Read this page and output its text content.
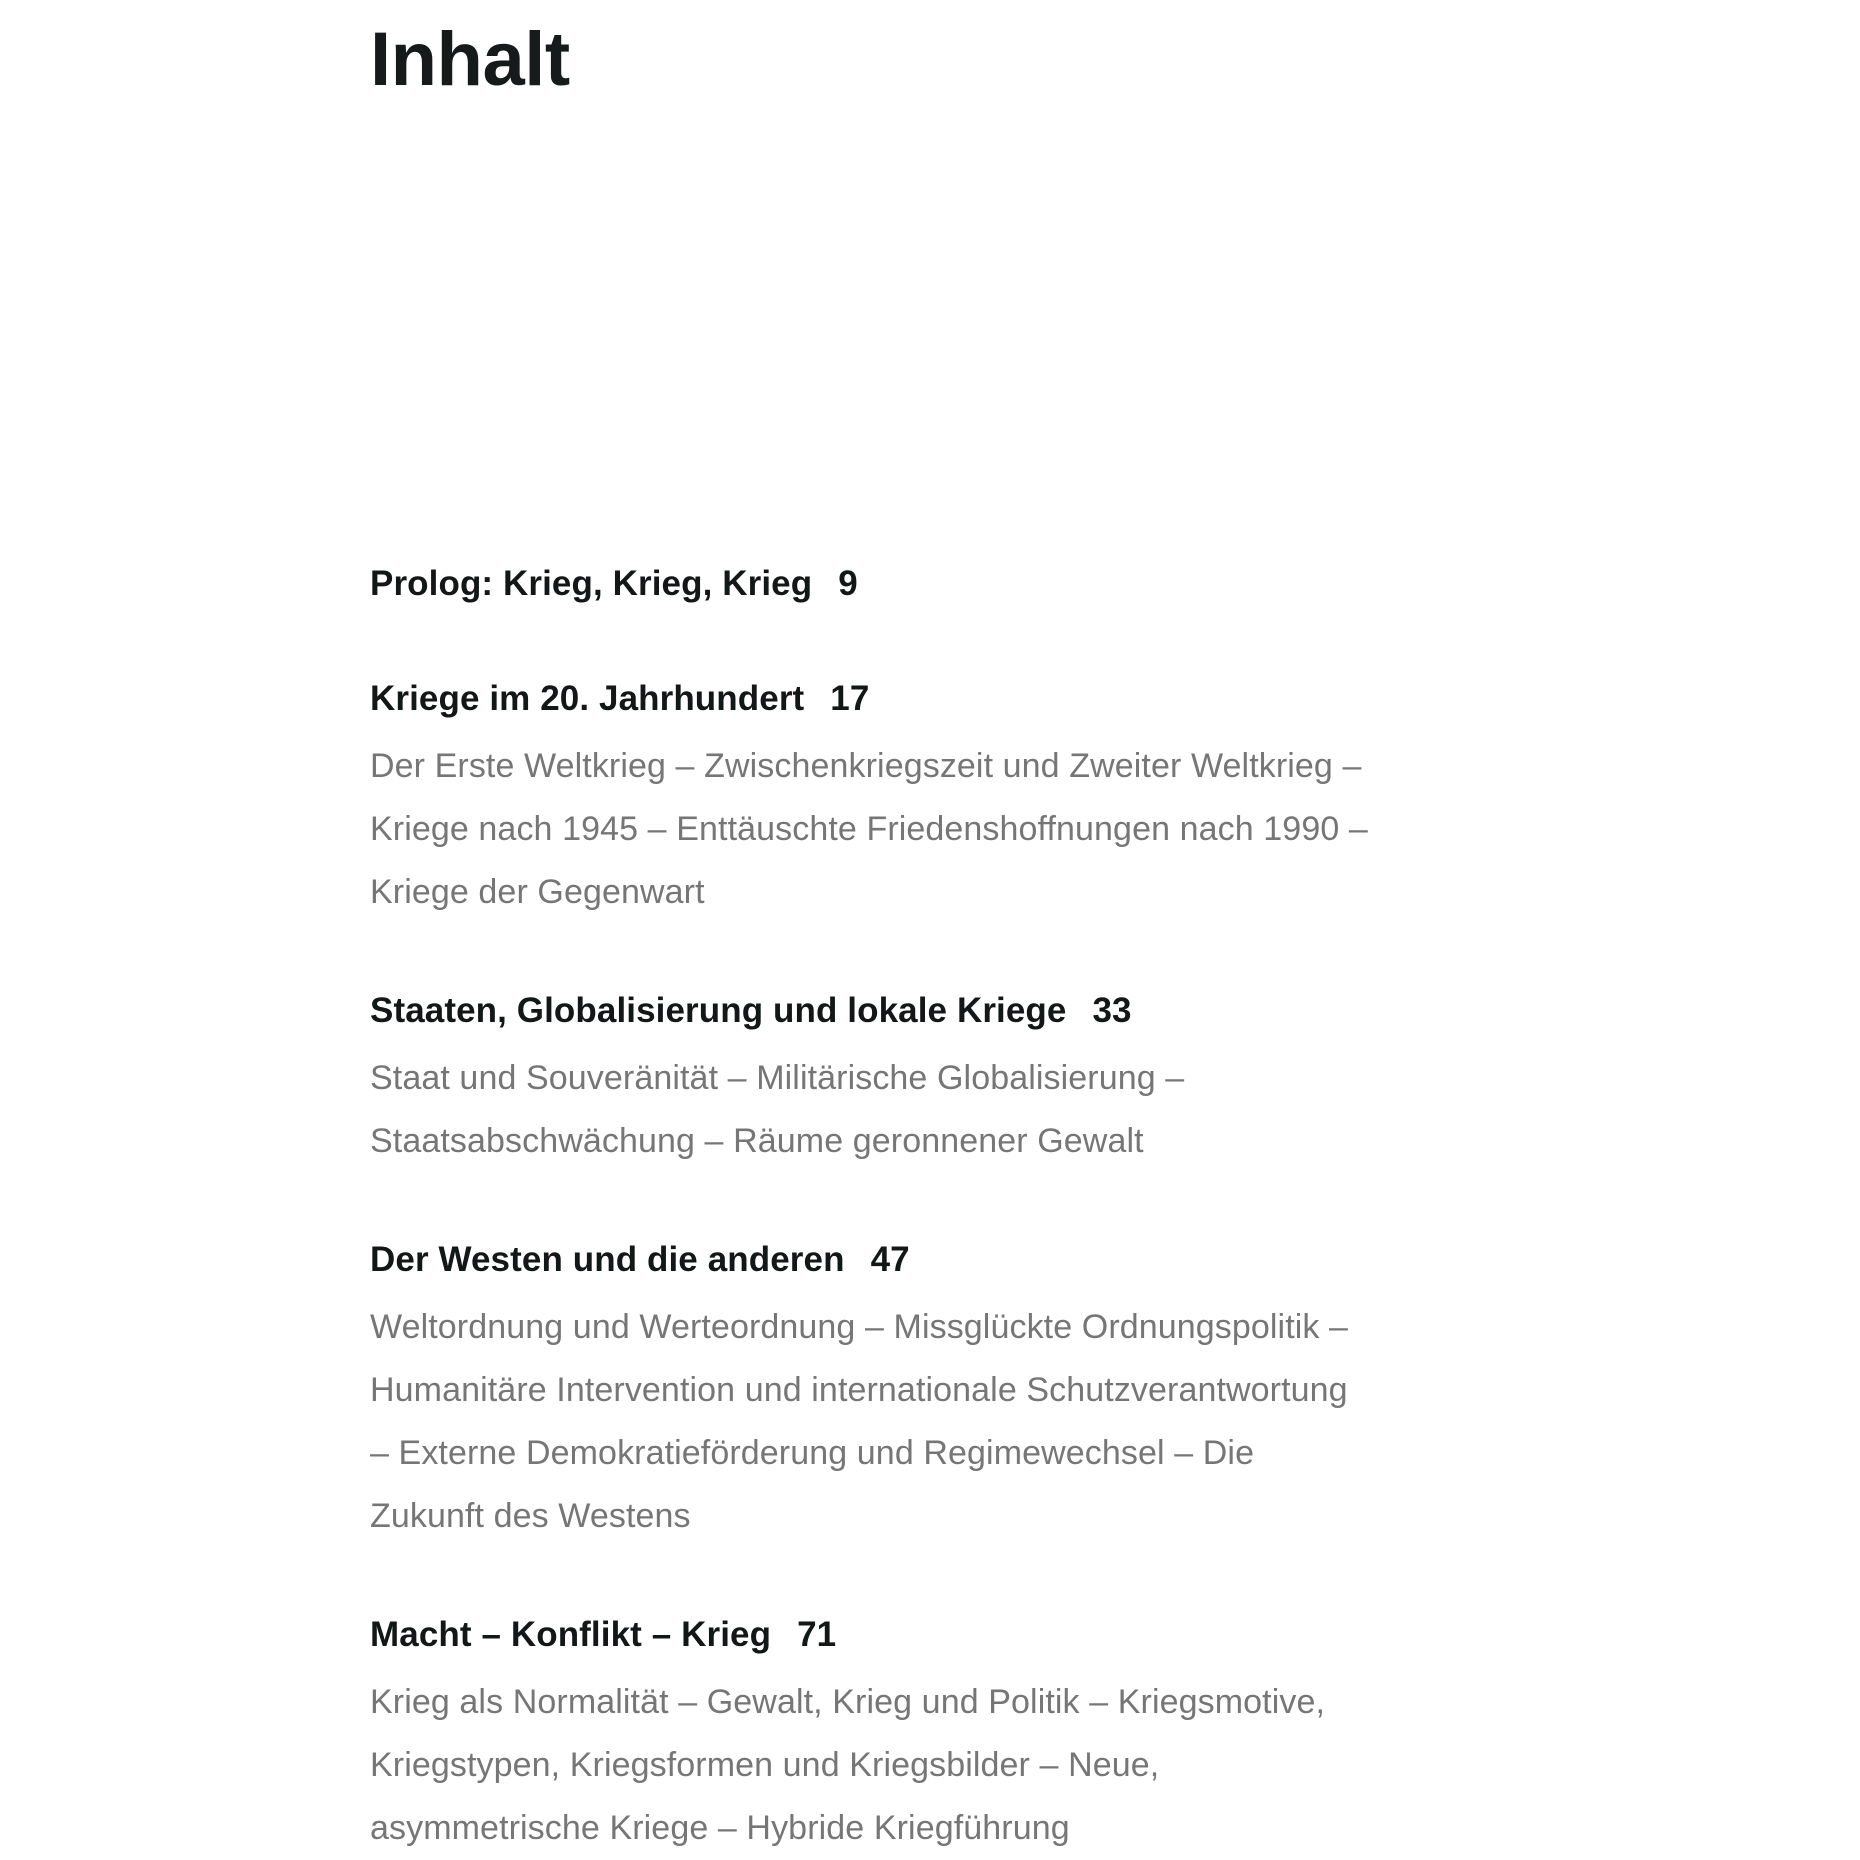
Inhalt
Prolog: Krieg, Krieg, Krieg 9
Kriege im 20. Jahrhundert 17

Der Erste Weltkrieg – Zwischenkriegszeit und Zweiter Weltkrieg – Kriege nach 1945 – Enttäuschte Friedenshoffnungen nach 1990 – Kriege der Gegenwart

Staaten, Globalisierung und lokale Kriege 33

Staat und Souveränität – Militärische Globalisierung – Staatsabschwächung – Räume geronnener Gewalt

Der Westen und die anderen 47

Weltordnung und Werteordnung – Missglückte Ordnungspolitik – Humanitäre Intervention und internationale Schutzverantwortung – Externe Demokratieförderung und Regimewechsel – Die Zukunft des Westens

Macht – Konflikt – Krieg 71

Krieg als Normalität – Gewalt, Krieg und Politik – Kriegsmotive, Kriegstypen, Kriegsformen und Kriegsbilder – Neue, asymmetrische Kriege – Hybride Kriegführung
